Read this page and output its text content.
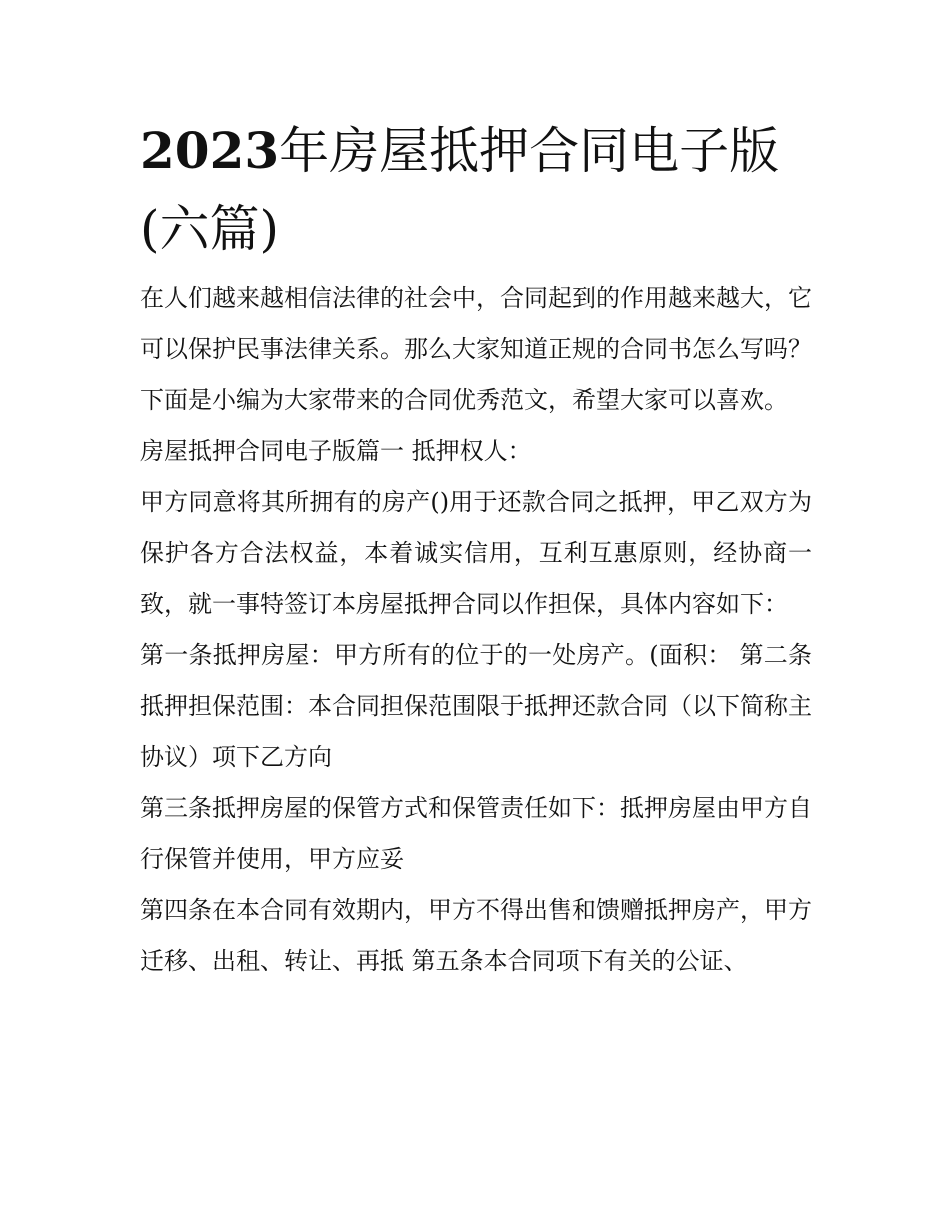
2023年房屋抵押合同电子版(六篇)

在人们越来越相信法律的社会中，合同起到的作用越来越大，它可以保护民事法律关系。那么大家知道正规的合同书怎么写吗？下面是小编为大家带来的合同优秀范文，希望大家可以喜欢。

房屋抵押合同电子版篇一 抵押权人：

甲方同意将其所拥有的房产()用于还款合同之抵押，甲乙双方为保护各方合法权益，本着诚实信用，互利互惠原则，经协商一致，就一事特签订本房屋抵押合同以作担保，具体内容如下：

第一条抵押房屋：甲方所有的位于的一处房产。(面积： 第二条抵押担保范围：本合同担保范围限于抵押还款合同（以下简称主协议）项下乙方向

第三条抵押房屋的保管方式和保管责任如下：抵押房屋由甲方自行保管并使用，甲方应妥

第四条在本合同有效期内，甲方不得出售和馈赠抵押房产，甲方迁移、出租、转让、再抵 第五条本合同项下有关的公证、
